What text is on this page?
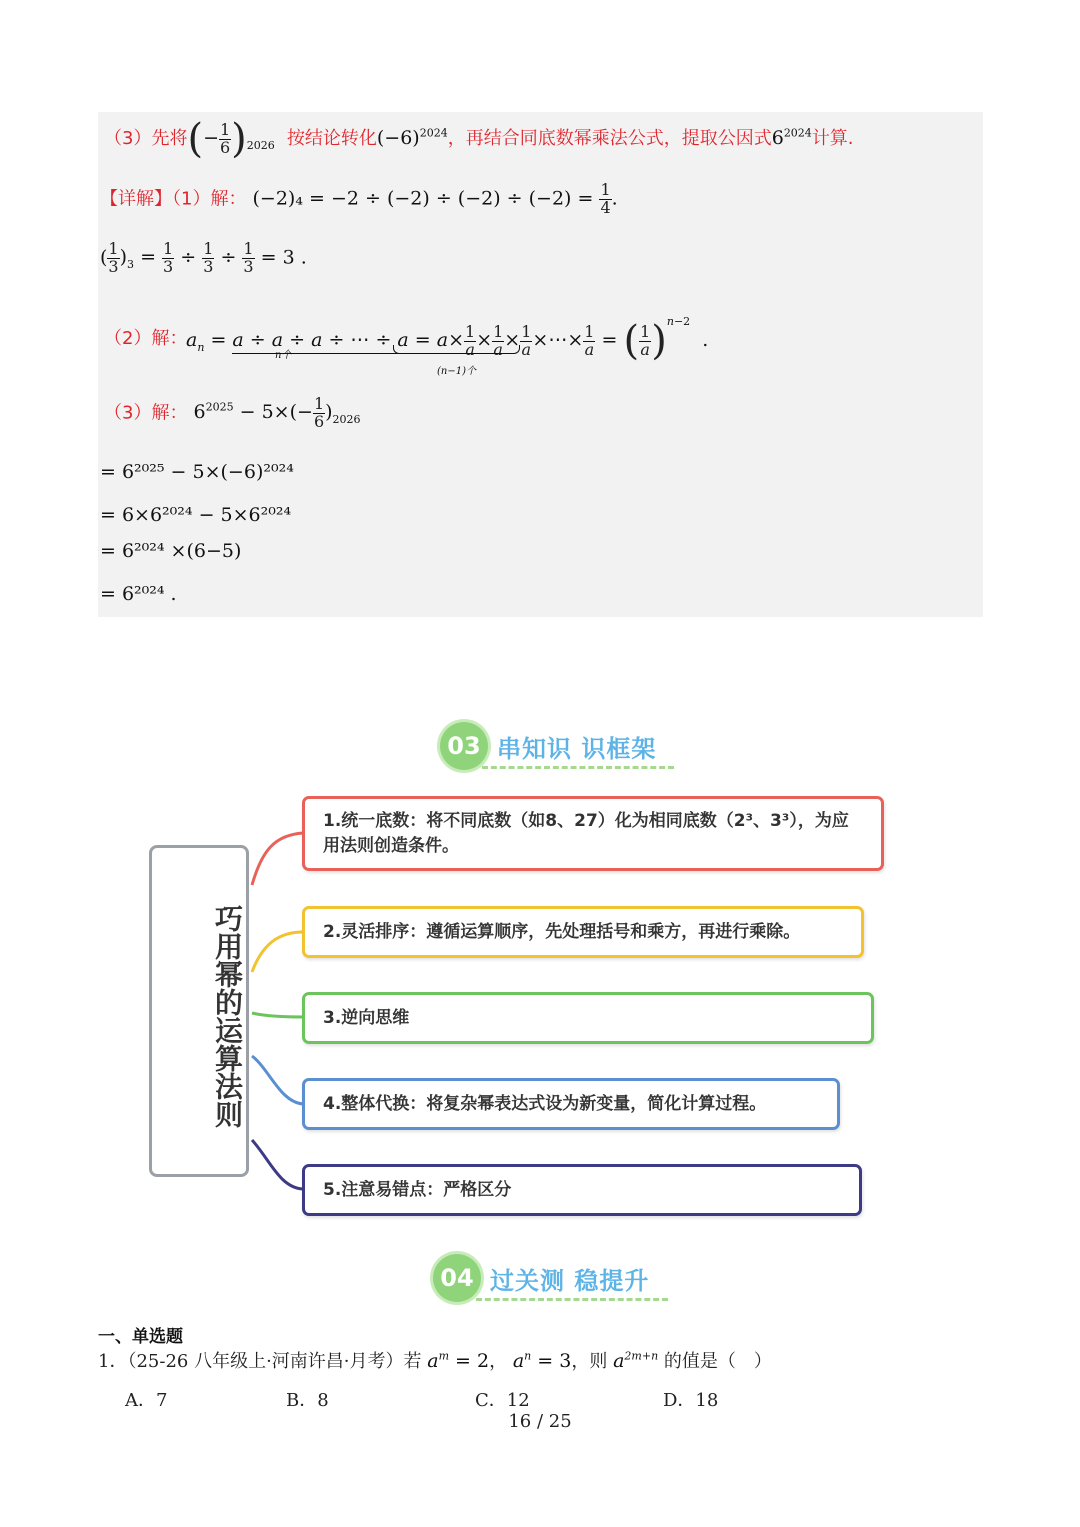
（3）先将(− $\frac{1}{6} )_{2026}$ 按结论转化$(-6)^{2024}$，再结合同底数幂乘法公式，提取公因式$6^{2024}$计算.
【详解】（1）解： $(-2)_4 = -2 \div (-2) \div (-2) \div (-2) = \frac{1}{4}$ .
( $\frac{1}{3} )_3 = \frac{1}{3} \div \frac{1}{3} \div \frac{1}{3} = 3$ .
（2）解：
$a_n = a \div a \div a$ ÷ ⋯ ÷ $a = a\times \frac{1}{a} \times \frac{1}{a} \times \frac{1}{a}$ ×⋯× $\frac{1}{a}$ = ( $\frac{1}{a} )^{n-2}$  .
n个
(n−1)个
（3）解： $6^{2025} - 5\times(- \frac{1}{6} )_{2026}$
= 6²⁰²⁵ − 5×(−6)²⁰²⁴
= 6×6²⁰²⁴ − 5×6²⁰²⁴
= 6²⁰²⁴ ×(6−5)
= 6²⁰²⁴ .
03 串知识 识框架
巧用幂的运算法则
1.统一底数：将不同底数（如8、27）化为相同底数（2³、3³），为应用法则创造条件。
2.灵活排序：遵循运算顺序，先处理括号和乘方，再进行乘除。
3.逆向思维
4.整体代换：将复杂幂表达式设为新变量，简化计算过程。
5.注意易错点：严格区分
04 过关测 稳提升
一、单选题
1．（25-26 八年级上·河南许昌·月考）若 $a^m = 2$， $a^n = 3$，则 $a^{2m+n}$ 的值是（　）
A．7	B．8	C．12	D．18
16 / 25
